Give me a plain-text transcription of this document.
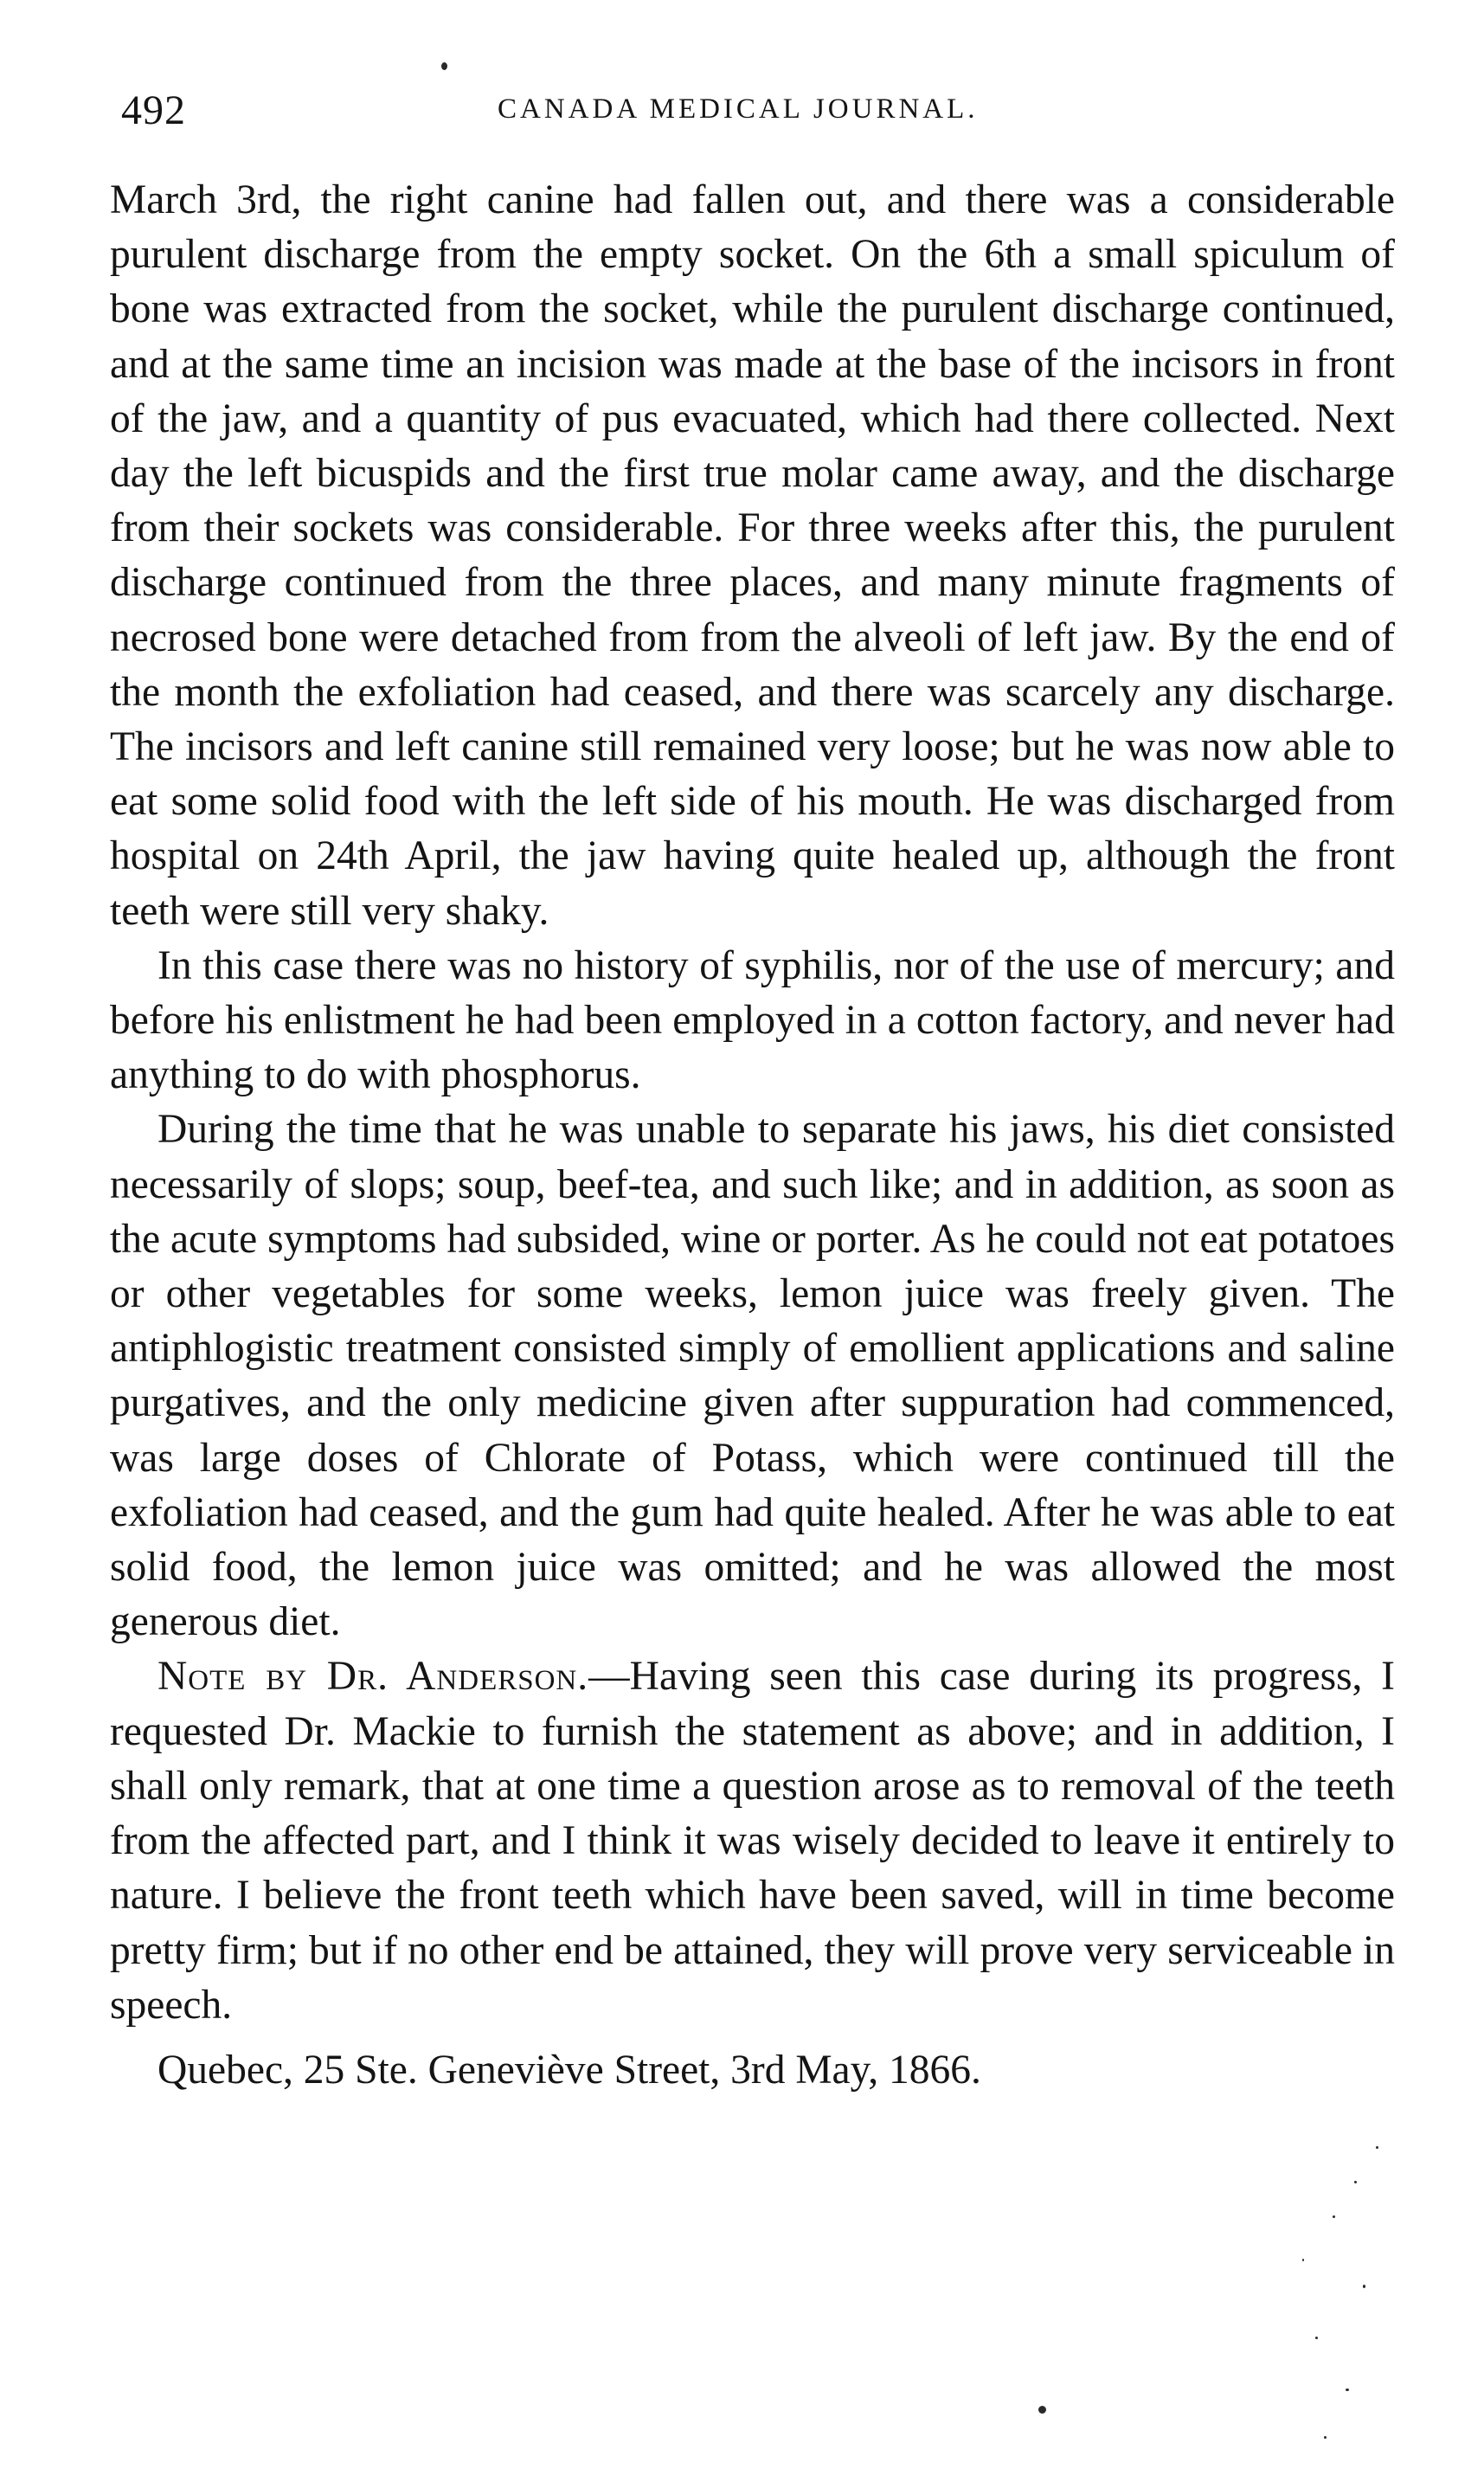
492	CANADA MEDICAL JOURNAL.

March 3rd, the right canine had fallen out, and there was a considerable purulent discharge from the empty socket. On the 6th a small spiculum of bone was extracted from the socket, while the purulent discharge continued, and at the same time an incision was made at the base of the incisors in front of the jaw, and a quantity of pus evacuated, which had there collected. Next day the left bicuspids and the first true molar came away, and the discharge from their sockets was considerable. For three weeks after this, the purulent discharge continued from the three places, and many minute fragments of necrosed bone were detached from from the alveoli of left jaw. By the end of the month the exfoliation had ceased, and there was scarcely any discharge. The incisors and left canine still remained very loose; but he was now able to eat some solid food with the left side of his mouth. He was discharged from hospital on 24th April, the jaw having quite healed up, although the front teeth were still very shaky.

In this case there was no history of syphilis, nor of the use of mercury; and before his enlistment he had been employed in a cotton factory, and never had anything to do with phosphorus.

During the time that he was unable to separate his jaws, his diet consisted necessarily of slops; soup, beef-tea, and such like; and in addition, as soon as the acute symptoms had subsided, wine or porter. As he could not eat potatoes or other vegetables for some weeks, lemon juice was freely given. The antiphlogistic treatment consisted simply of emollient applications and saline purgatives, and the only medicine given after suppuration had commenced, was large doses of Chlorate of Potass, which were continued till the exfoliation had ceased, and the gum had quite healed. After he was able to eat solid food, the lemon juice was omitted; and he was allowed the most generous diet.

Note by Dr. Anderson.—Having seen this case during its progress, I requested Dr. Mackie to furnish the statement as above; and in addition, I shall only remark, that at one time a question arose as to removal of the teeth from the affected part, and I think it was wisely decided to leave it entirely to nature. I believe the front teeth which have been saved, will in time become pretty firm; but if no other end be attained, they will prove very serviceable in speech.

Quebec, 25 Ste. Geneviève Street, 3rd May, 1866.
